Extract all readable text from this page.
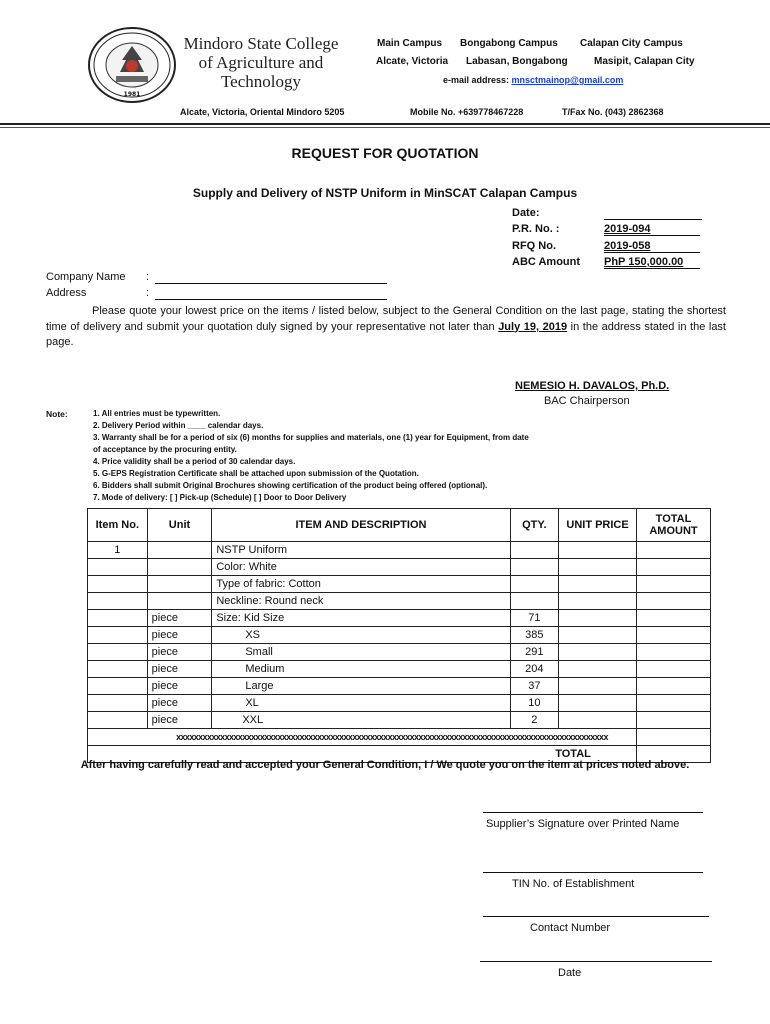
1981
Mindoro State College
of Agriculture and
Technology
Main Campus Bongabong Campus Calapan City Campus
Alcate, Victoria Labasan, Bongabong	Masipit, Calapan City
e-mail address: mnsctmainop@gmail.com
Alcate, Victoria, Oriental Mindoro 5205	Mobile No. +639778467228	T/Fax No. (043) 2862368
REQUEST FOR QUOTATION
Supply and Delivery of NSTP Uniform in MinSCAT Calapan Campus
Date:
P.R. No. :	2019-094
RFQ No.	2019-058
ABC Amount PhP 150,000.00
Company Name :
Address	:
Please quote your lowest price on the items / listed below, subject to the General Condition on the last page, stating the shortest time of delivery and submit your quotation duly signed by your representative not later than July 19, 2019 in the address stated in the last page.
NEMESIO H. DAVALOS, Ph.D.
BAC Chairperson
Note:	1. All entries must be typewritten.
2. Delivery Period within ____ calendar days.
3. Warranty shall be for a period of six (6) months for supplies and materials, one (1) year for Equipment, from date
of acceptance by the procuring entity.
4. Price validity shall be a period of 30 calendar days.
5. G-EPS Registration Certificate shall be attached upon submission of the Quotation.
6. Bidders shall submit Original Brochures showing certification of the product being offered (optional).
7. Mode of delivery: [ ] Pick-up (Schedule) [ ] Door to Door Delivery
Item No.	Unit	ITEM AND DESCRIPTION	QTY.	UNIT PRICE	TOTAL AMOUNT
1		NSTP Uniform			
		Color: White			
		Type of fabric: Cotton			
		Neckline: Round neck			
	piece	Size: Kid Size	71		
	piece	XS	385		
	piece	Small	291		
	piece	Medium	204		
	piece	Large	37		
	piece	XL	10		
	piece	XXL	2		

xxxxxxxxxxxxxxxxxxxxxxxxxxxxxxxxxxxxxxxxxxxxxxxxxxxxxxxxxxxxxxxxxxxxxxxxxxxxxxxxxxxxxxxxxxxxxxxxxx					

			TOTAL		
After having carefully read and accepted your General Condition, I / We quote you on the item at prices noted above.
Supplier’s Signature over Printed Name
TIN No. of Establishment
Contact Number
Date
